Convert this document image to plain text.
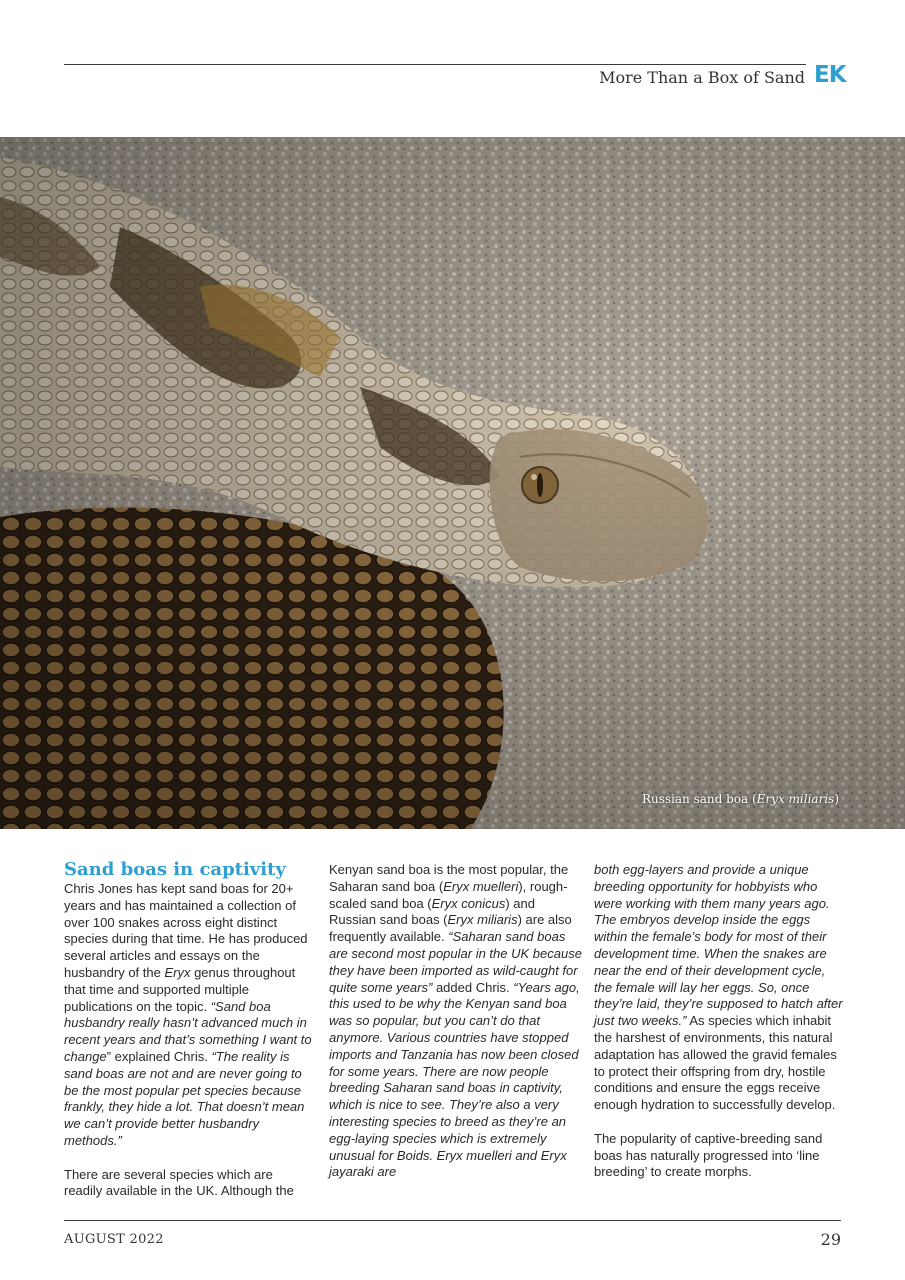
More Than a Box of Sand EK
Russian sand boa (Eryx miliaris)
Sand boas in captivity

Chris Jones has kept sand boas for 20+ years and has maintained a collection of over 100 snakes across eight distinct species during that time. He has produced several articles and essays on the husbandry of the Eryx genus throughout that time and supported multiple publications on the topic. “Sand boa husbandry really hasn’t advanced much in recent years and that’s something I want to change” explained Chris. “The reality is sand boas are not and are never going to be the most popular pet species because frankly, they hide a lot. That doesn’t mean we can’t provide better husbandry methods.”

There are several species which are readily available in the UK. Although the

Kenyan sand boa is the most popular, the Saharan sand boa (Eryx muelleri), rough-scaled sand boa (Eryx conicus) and Russian sand boas (Eryx miliaris) are also frequently available. “Saharan sand boas are second most popular in the UK because they have been imported as wild-caught for quite some years” added Chris. “Years ago, this used to be why the Kenyan sand boa was so popular, but you can’t do that anymore. Various countries have stopped imports and Tanzania has now been closed for some years. There are now people breeding Saharan sand boas in captivity, which is nice to see. They’re also a very interesting species to breed as they’re an egg-laying species which is extremely unusual for Boids. Eryx muelleri and Eryx jayaraki are

both egg-layers and provide a unique breeding opportunity for hobbyists who were working with them many years ago. The embryos develop inside the eggs within the female’s body for most of their development time. When the snakes are near the end of their development cycle, the female will lay her eggs. So, once they’re laid, they’re supposed to hatch after just two weeks.” As species which inhabit the harshest of environments, this natural adaptation has allowed the gravid females to protect their offspring from dry, hostile conditions and ensure the eggs receive enough hydration to successfully develop.

The popularity of captive-breeding sand boas has naturally progressed into ‘line breeding’ to create morphs.

AUGUST 2022	29
